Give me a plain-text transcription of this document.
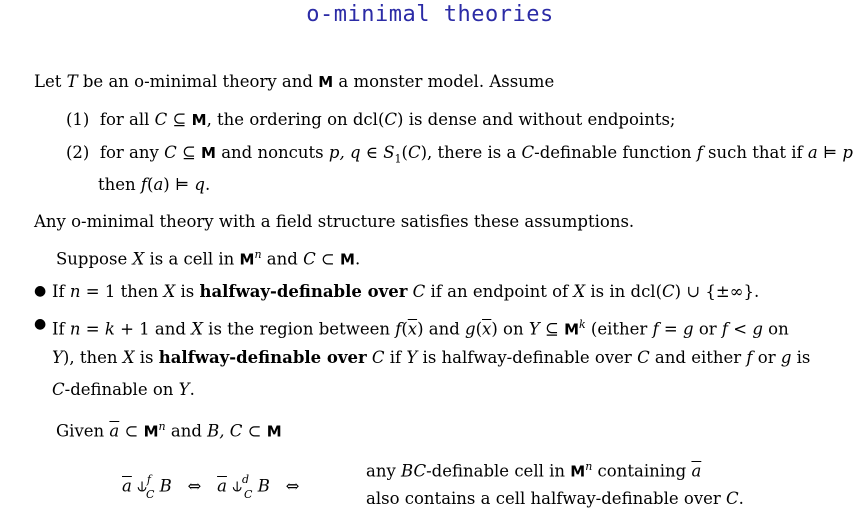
o-minimal theories
Let T be an o-minimal theory and M a monster model. Assume
(1)  for all C ⊆ M, the ordering on dcl(C) is dense and without endpoints;
(2)  for any C ⊆ M and noncuts p, q ∈ $S_1(C)$, there is a C-definable function f such that if a ⊨ p
then f(a) ⊨ q.
Any o-minimal theory with a field structure satisfies these assumptions.
Suppose X is a cell in $M^n$ and C ⊂ M.
● If n = 1 then X is halfway-definable over C if an endpoint of X is in dcl(C) ∪ {±∞}.
● If n = k + 1 and X is the region between $f(\overline{x})$ and $g(\overline{x})$ on Y ⊆ $M^k$ (either f = g or f < g on
Y), then X is halfway-definable over C if Y is halfway-definable over C and either f or g is
C-definable on Y.
Given $\overline{a}$ ⊂ $M^n$ and B, C ⊂ M
$\overline{a}$ ⫝$^f_C$ B   ⇔   $\overline{a}$ ⫝$^d_C$ B   ⇔
any BC-definable cell in $M^n$ containing $\overline{a}$
also contains a cell halfway-definable over C.
